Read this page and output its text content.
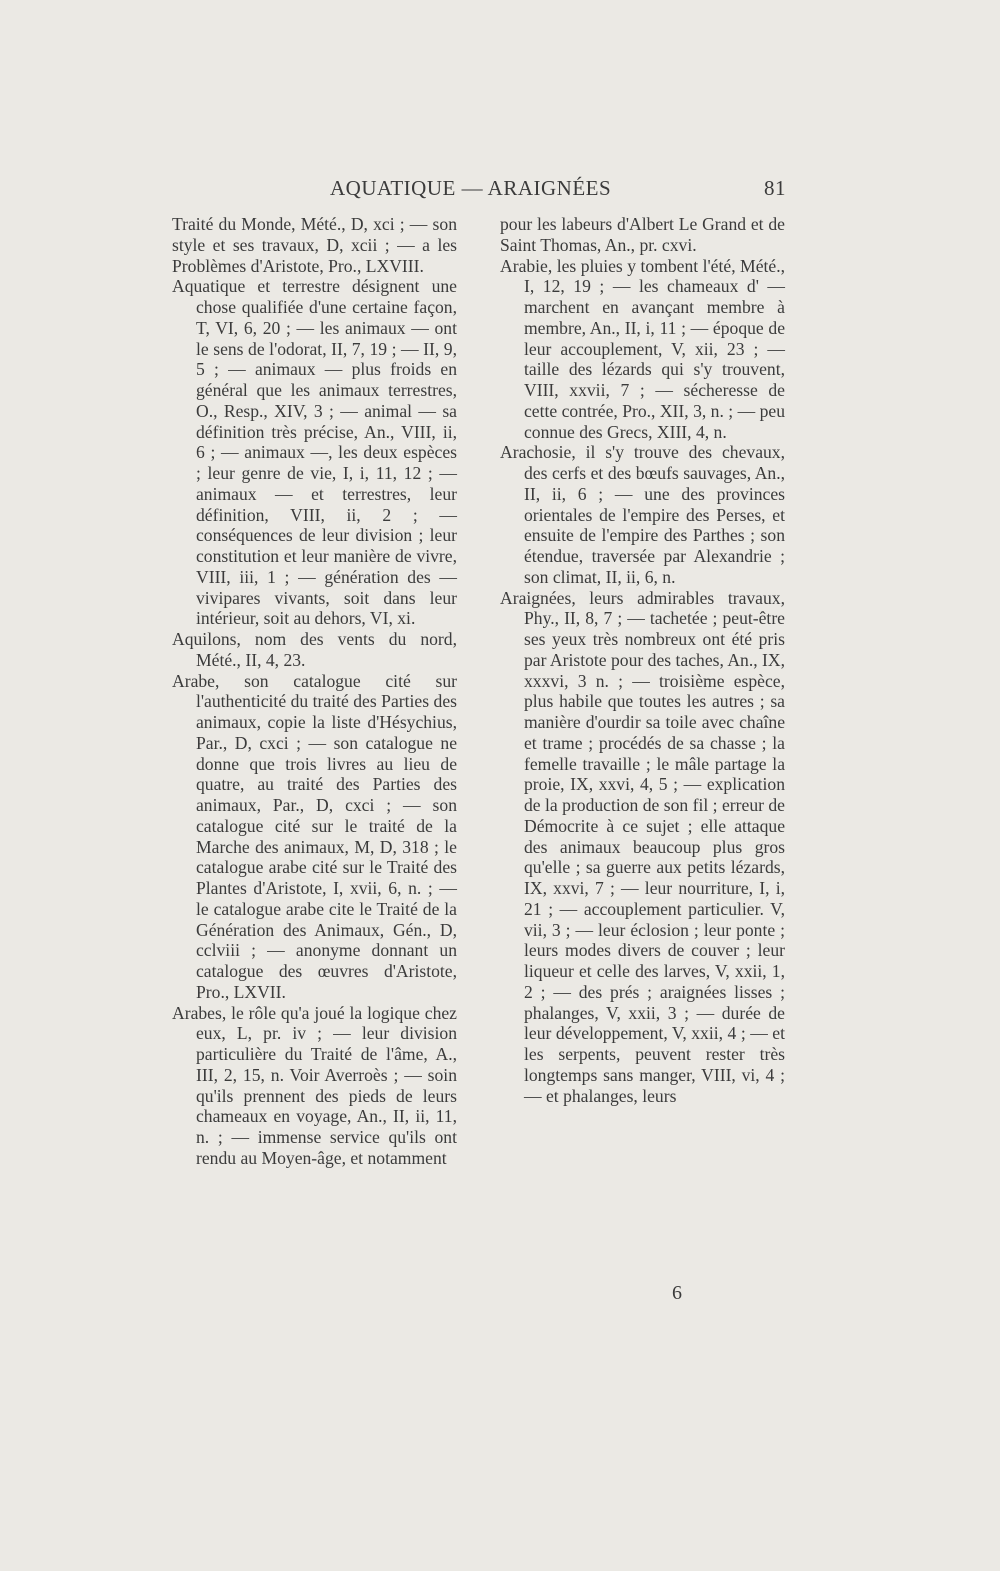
AQUATIQUE — ARAIGNÉES	81

Traité du Monde, Mété., D, xci ; — son style et ses travaux, D, xcii ; — a les Problèmes d'Aristote, Pro., LXVIII.

Aquatique et terrestre désignent une chose qualifiée d'une certaine façon, T, VI, 6, 20 ; — les animaux — ont le sens de l'odorat, II, 7, 19 ; — II, 9, 5 ; — animaux — plus froids en général que les animaux terrestres, O., Resp., XIV, 3 ; — animal — sa définition très précise, An., VIII, ii, 6 ; — animaux —, les deux espèces ; leur genre de vie, I, i, 11, 12 ; — animaux — et terrestres, leur définition, VIII, ii, 2 ; — conséquences de leur division ; leur constitution et leur manière de vivre, VIII, iii, 1 ; — génération des — vivipares vivants, soit dans leur intérieur, soit au dehors, VI, xi.

Aquilons, nom des vents du nord, Mété., II, 4, 23.

Arabe, son catalogue cité sur l'authenticité du traité des Parties des animaux, copie la liste d'Hésychius, Par., D, cxci ; — son catalogue ne donne que trois livres au lieu de quatre, au traité des Parties des animaux, Par., D, cxci ; — son catalogue cité sur le traité de la Marche des animaux, M, D, 318 ; le catalogue arabe cité sur le Traité des Plantes d'Aristote, I, xvii, 6, n. ; — le catalogue arabe cite le Traité de la Génération des Animaux, Gén., D, cclviii ; — anonyme donnant un catalogue des œuvres d'Aristote, Pro., LXVII.

Arabes, le rôle qu'a joué la logique chez eux, L, pr. iv ; — leur division particulière du Traité de l'âme, A., III, 2, 15, n. Voir Averroès ; — soin qu'ils prennent des pieds de leurs chameaux en voyage, An., II, ii, 11, n. ; — immense service qu'ils ont rendu au Moyen-âge, et notamment

pour les labeurs d'Albert Le Grand et de Saint Thomas, An., pr. cxvi.

Arabie, les pluies y tombent l'été, Mété., I, 12, 19 ; — les chameaux d' — marchent en avançant membre à membre, An., II, i, 11 ; — époque de leur accouplement, V, xii, 23 ; — taille des lézards qui s'y trouvent, VIII, xxvii, 7 ; — sécheresse de cette contrée, Pro., XII, 3, n. ; — peu connue des Grecs, XIII, 4, n.

Arachosie, il s'y trouve des chevaux, des cerfs et des bœufs sauvages, An., II, ii, 6 ; — une des provinces orientales de l'empire des Perses, et ensuite de l'empire des Parthes ; son étendue, traversée par Alexandrie ; son climat, II, ii, 6, n.

Araignées, leurs admirables travaux, Phy., II, 8, 7 ; — tachetée ; peut-être ses yeux très nombreux ont été pris par Aristote pour des taches, An., IX, xxxvi, 3 n. ; — troisième espèce, plus habile que toutes les autres ; sa manière d'ourdir sa toile avec chaîne et trame ; procédés de sa chasse ; la femelle travaille ; le mâle partage la proie, IX, xxvi, 4, 5 ; — explication de la production de son fil ; erreur de Démocrite à ce sujet ; elle attaque des animaux beaucoup plus gros qu'elle ; sa guerre aux petits lézards, IX, xxvi, 7 ; — leur nourriture, I, i, 21 ; — accouplement particulier. V, vii, 3 ; — leur éclosion ; leur ponte ; leurs modes divers de couver ; leur liqueur et celle des larves, V, xxii, 1, 2 ; — des prés ; araignées lisses ; phalanges, V, xxii, 3 ; — durée de leur développement, V, xxii, 4 ; — et les serpents, peuvent rester très longtemps sans manger, VIII, vi, 4 ; — et phalanges, leurs

6
